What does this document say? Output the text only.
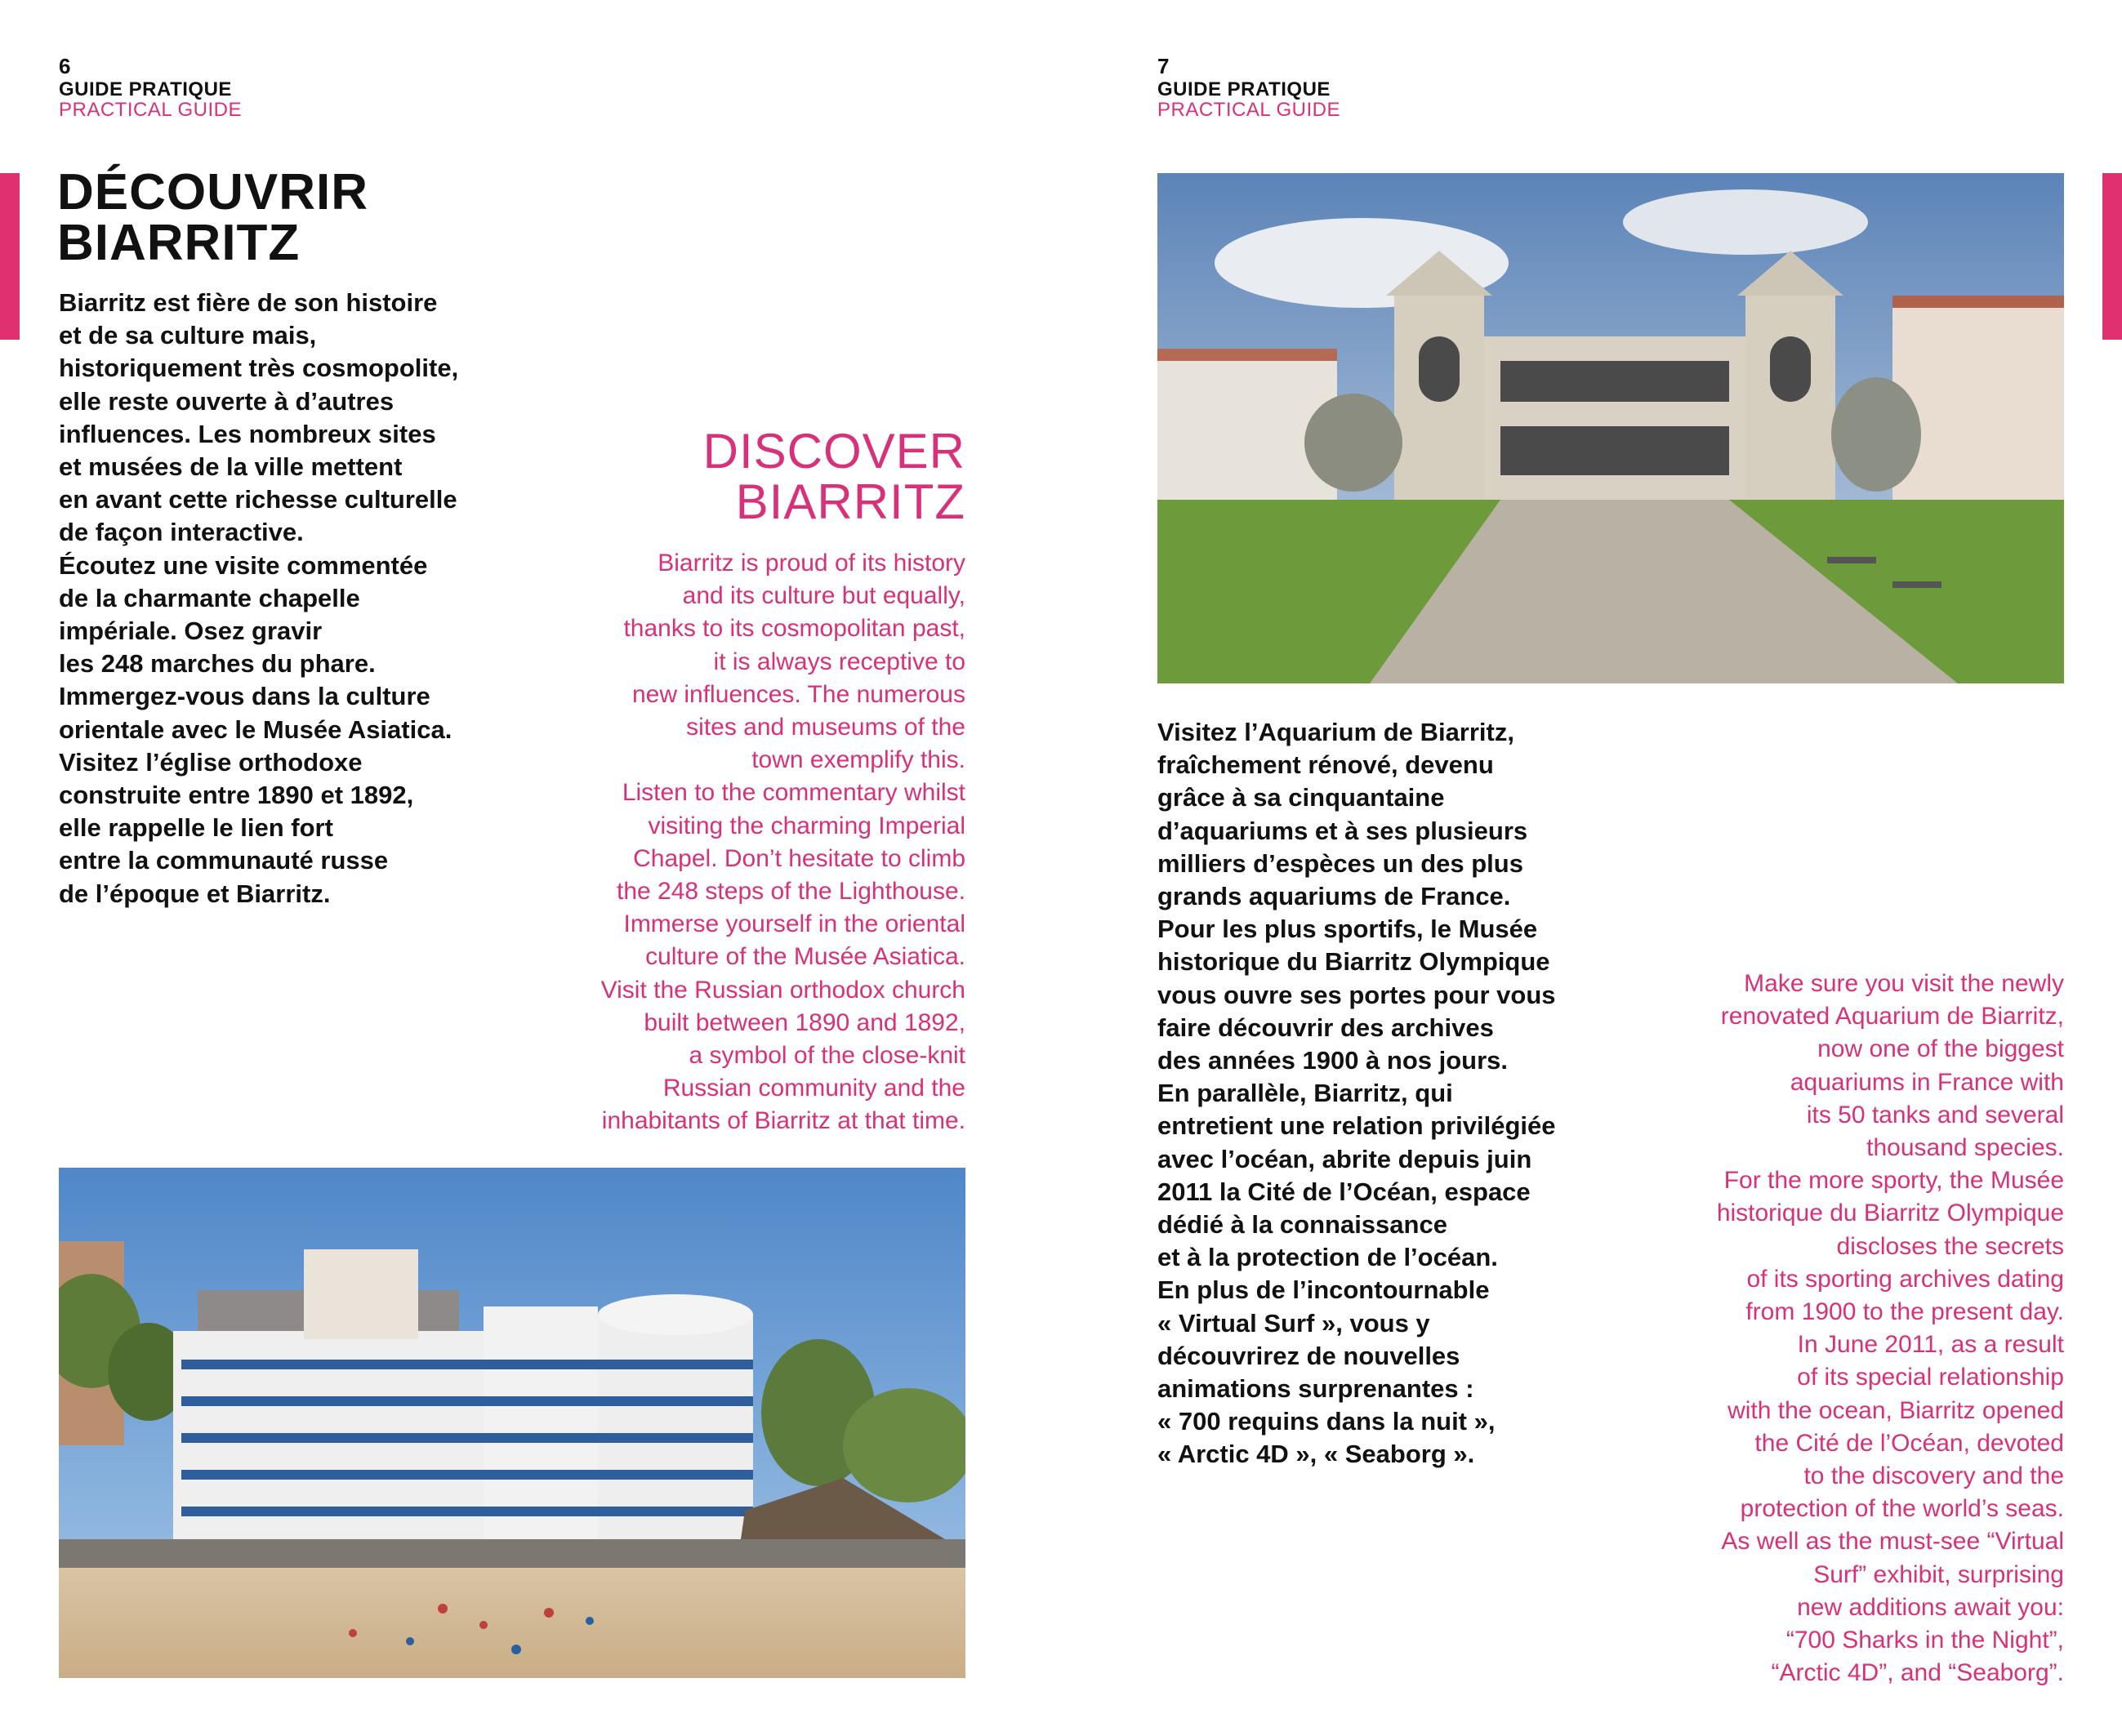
6
GUIDE PRATIQUE
PRACTICAL GUIDE
DÉCOUVRIR
BIARRITZ
Biarritz est fière de son histoire
et de sa culture mais,
historiquement très cosmopolite,
elle reste ouverte à d’autres
influences. Les nombreux sites
et musées de la ville mettent
en avant cette richesse culturelle
de façon interactive.
Écoutez une visite commentée
de la charmante chapelle
impériale. Osez gravir
les 248 marches du phare.
Immergez-vous dans la culture
orientale avec le Musée Asiatica.
Visitez l’église orthodoxe
construite entre 1890 et 1892,
elle rappelle le lien fort
entre la communauté russe
de l’époque et Biarritz.
DISCOVER
BIARRITZ
Biarritz is proud of its history
and its culture but equally,
thanks to its cosmopolitan past,
it is always receptive to
new influences. The numerous
sites and museums of the
town exemplify this.
Listen to the commentary whilst
visiting the charming Imperial
Chapel. Don’t hesitate to climb
the 248 steps of the Lighthouse.
Immerse yourself in the oriental
culture of the Musée Asiatica.
Visit the Russian orthodox church
built between 1890 and 1892,
a symbol of the close-knit
Russian community and the
inhabitants of Biarritz at that time.
7
GUIDE PRATIQUE
PRACTICAL GUIDE
Visitez l’Aquarium de Biarritz,
fraîchement rénové, devenu
grâce à sa cinquantaine
d’aquariums et à ses plusieurs
milliers d’espèces un des plus
grands aquariums de France.
Pour les plus sportifs, le Musée
historique du Biarritz Olympique
vous ouvre ses portes pour vous
faire découvrir des archives
des années 1900 à nos jours.
En parallèle, Biarritz, qui
entretient une relation privilégiée
avec l’océan, abrite depuis juin
2011 la Cité de l’Océan, espace
dédié à la connaissance
et à la protection de l’océan.
En plus de l’incontournable
« Virtual Surf », vous y
découvrirez de nouvelles
animations surprenantes :
« 700 requins dans la nuit »,
« Arctic 4D », « Seaborg ».
Make sure you visit the newly
renovated Aquarium de Biarritz,
now one of the biggest
aquariums in France with
its 50 tanks and several
thousand species.
For the more sporty, the Musée
historique du Biarritz Olympique
discloses the secrets
of its sporting archives dating
from 1900 to the present day.
In June 2011, as a result
of its special relationship
with the ocean, Biarritz opened
the Cité de l’Océan, devoted
to the discovery and the
protection of the world’s seas.
As well as the must-see “Virtual
Surf” exhibit, surprising
new additions await you:
“700 Sharks in the Night”,
“Arctic 4D”, and “Seaborg”.
